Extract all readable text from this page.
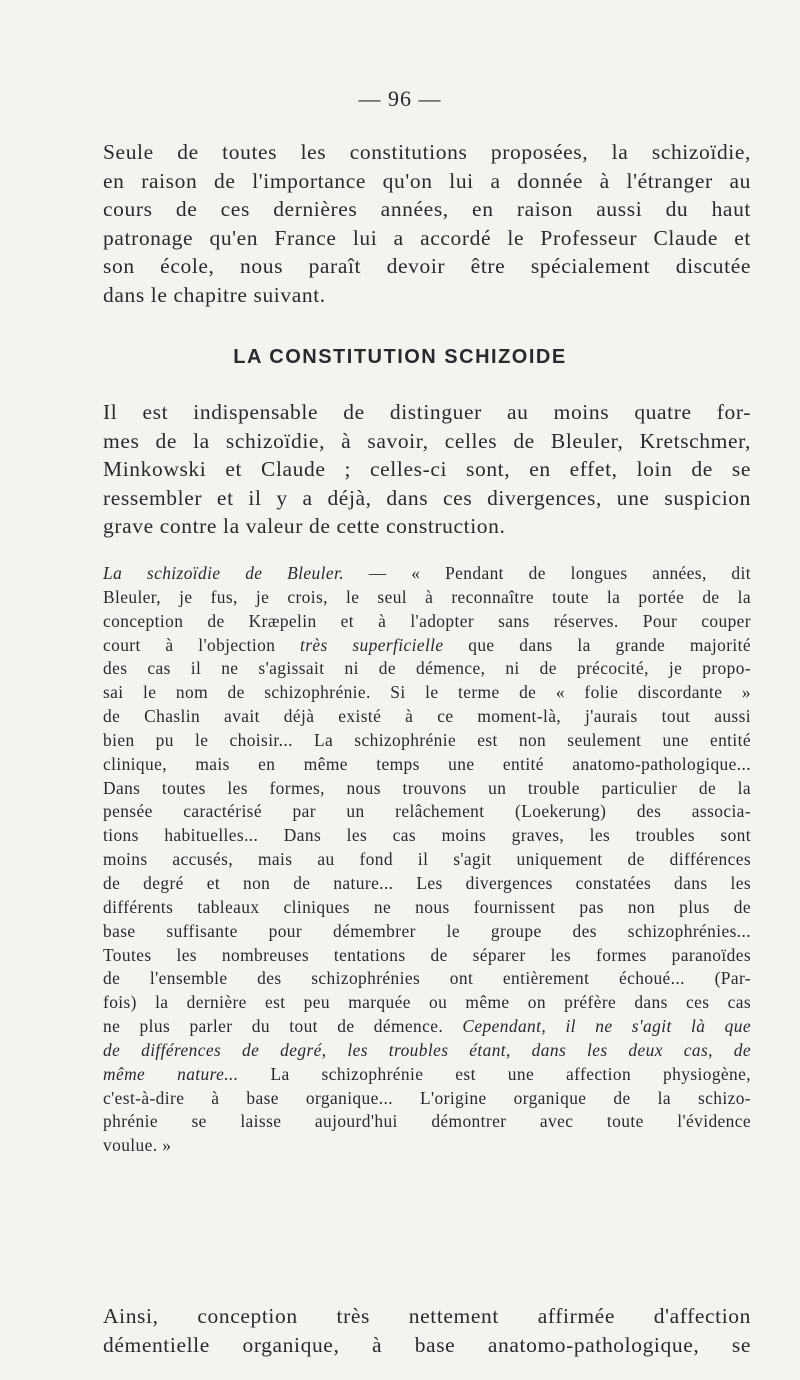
— 96 —

Seule de toutes les constitutions proposées, la schizoïdie,
en raison de l'importance qu'on lui a donnée à l'étranger au
cours de ces dernières années, en raison aussi du haut
patronage qu'en France lui a accordé le Professeur Claude et
son école, nous paraît devoir être spécialement discutée
dans le chapitre suivant.

LA CONSTITUTION SCHIZOIDE

Il est indispensable de distinguer au moins quatre for-
mes de la schizoïdie, à savoir, celles de Bleuler, Kretschmer,
Minkowski et Claude ; celles-ci sont, en effet, loin de se
ressembler et il y a déjà, dans ces divergences, une suspicion
grave contre la valeur de cette construction.

La schizoïdie de Bleuler. — « Pendant de longues années, dit
Bleuler, je fus, je crois, le seul à reconnaître toute la portée de la
conception de Kræpelin et à l'adopter sans réserves. Pour couper
court à l'objection très superficielle que dans la grande majorité
des cas il ne s'agissait ni de démence, ni de précocité, je propo-
sai le nom de schizophrénie. Si le terme de « folie discordante »
de Chaslin avait déjà existé à ce moment-là, j'aurais tout aussi
bien pu le choisir... La schizophrénie est non seulement une entité
clinique, mais en même temps une entité anatomo-pathologique...
Dans toutes les formes, nous trouvons un trouble particulier de la
pensée caractérisé par un relâchement (Loekerung) des associa-
tions habituelles... Dans les cas moins graves, les troubles sont
moins accusés, mais au fond il s'agit uniquement de différences
de degré et non de nature... Les divergences constatées dans les
différents tableaux cliniques ne nous fournissent pas non plus de
base suffisante pour démembrer le groupe des schizophrénies...
Toutes les nombreuses tentations de séparer les formes paranoïdes
de l'ensemble des schizophrénies ont entièrement échoué... (Par-
fois) la dernière est peu marquée ou même on préfère dans ces cas
ne plus parler du tout de démence. Cependant, il ne s'agit là que
de différences de degré, les troubles étant, dans les deux cas, de
même nature... La schizophrénie est une affection physiogène,
c'est-à-dire à base organique... L'origine organique de la schizo-
phrénie se laisse aujourd'hui démontrer avec toute l'évidence
voulue. »

Ainsi, conception très nettement affirmée d'affection
démentielle organique, à base anatomo-pathologique, se
